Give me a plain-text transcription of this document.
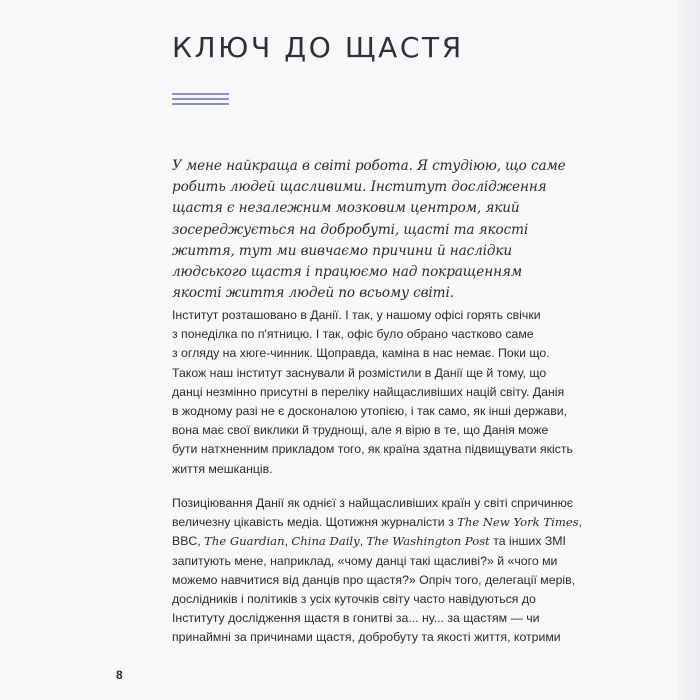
КЛЮЧ ДО ЩАСТЯ

У мене найкраща в світі робота. Я студіюю, що саме
робить людей щасливими. Інститут дослідження
щастя є незалежним мозковим центром, який
зосереджується на добробуті, щасті та якості
життя, тут ми вивчаємо причини й наслідки
людського щастя і працюємо над покращенням
якості життя людей по всьому світі.

Інститут розташовано в Данії. І так, у нашому офісі горять свічки
з понеділка по п'ятницю. І так, офіс було обрано частково саме
з огляду на хюге-чинник. Щоправда, каміна в нас немає. Поки що.
Також наш інститут заснували й розмістили в Данії ще й тому, що
данці незмінно присутні в переліку найщасливіших націй світу. Данія
в жодному разі не є досконалою утопією, і так само, як інші держави,
вона має свої виклики й труднощі, але я вірю в те, що Данія може
бути натхненним прикладом того, як країна здатна підвищувати якість
життя мешканців.

Позиціювання Данії як однієї з найщасливіших країн у світі спричинює
величезну цікавість медіа. Щотижня журналісти з The New York Times,
BBC, The Guardian, China Daily, The Washington Post та інших ЗМІ
запитують мене, наприклад, «чому данці такі щасливі?» й «чого ми
можемо навчитися від данців про щастя?» Опріч того, делегації мерів,
дослідників і політиків з усіх куточків світу часто навідуються до
Інституту дослідження щастя в гонитві за... ну... за щастям — чи
принаймні за причинами щастя, добробуту та якості життя, котрими

8
